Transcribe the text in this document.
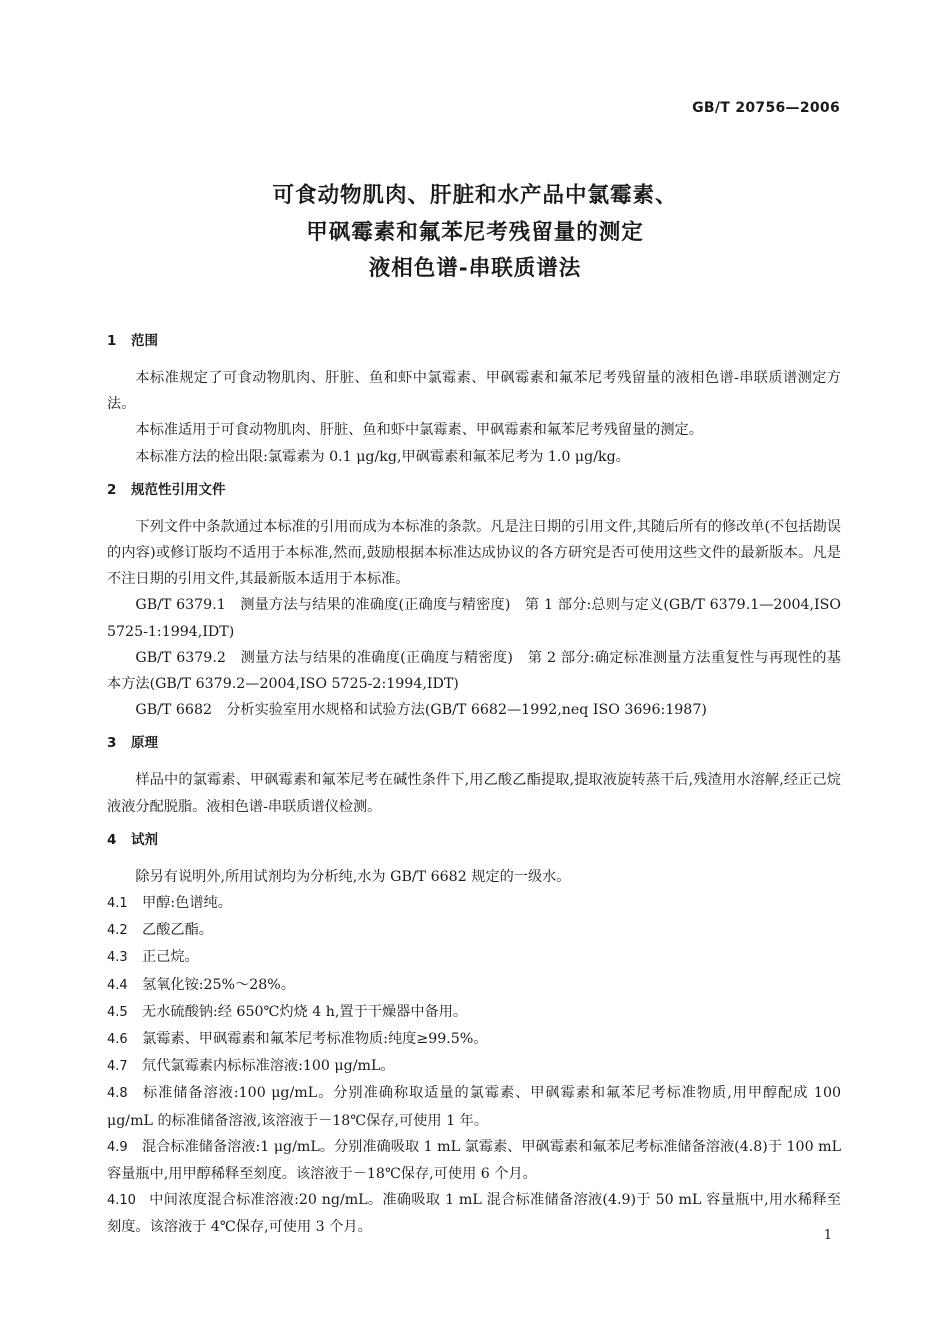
GB/T 20756—2006
可食动物肌肉、肝脏和水产品中氯霉素、
甲砜霉素和氟苯尼考残留量的测定
液相色谱-串联质谱法
1 范围

本标准规定了可食动物肌肉、肝脏、鱼和虾中氯霉素、甲砜霉素和氟苯尼考残留量的液相色谱-串联质谱测定方法。

本标准适用于可食动物肌肉、肝脏、鱼和虾中氯霉素、甲砜霉素和氟苯尼考残留量的测定。

本标准方法的检出限:氯霉素为 0.1 μg/kg,甲砜霉素和氟苯尼考为 1.0 μg/kg。

2 规范性引用文件

下列文件中条款通过本标准的引用而成为本标准的条款。凡是注日期的引用文件,其随后所有的修改单(不包括勘误的内容)或修订版均不适用于本标准,然而,鼓励根据本标准达成协议的各方研究是否可使用这些文件的最新版本。凡是不注日期的引用文件,其最新版本适用于本标准。

GB/T 6379.1　测量方法与结果的准确度(正确度与精密度)　第 1 部分:总则与定义(GB/T 6379.1—2004,ISO 5725-1:1994,IDT)

GB/T 6379.2　测量方法与结果的准确度(正确度与精密度)　第 2 部分:确定标准测量方法重复性与再现性的基本方法(GB/T 6379.2—2004,ISO 5725-2:1994,IDT)

GB/T 6682　分析实验室用水规格和试验方法(GB/T 6682—1992,neq ISO 3696:1987)

3 原理

样品中的氯霉素、甲砜霉素和氟苯尼考在碱性条件下,用乙酸乙酯提取,提取液旋转蒸干后,残渣用水溶解,经正己烷液液分配脱脂。液相色谱-串联质谱仪检测。

4 试剂

除另有说明外,所用试剂均为分析纯,水为 GB/T 6682 规定的一级水。

4.1 甲醇:色谱纯。

4.2 乙酸乙酯。

4.3 正己烷。

4.4 氢氧化铵:25%～28%。

4.5 无水硫酸钠:经 650℃灼烧 4 h,置于干燥器中备用。

4.6 氯霉素、甲砜霉素和氟苯尼考标准物质:纯度≥99.5%。

4.7 氘代氯霉素内标标准溶液:100 μg/mL。

4.8 标准储备溶液:100 μg/mL。分别准确称取适量的氯霉素、甲砜霉素和氟苯尼考标准物质,用甲醇配成 100 μg/mL 的标准储备溶液,该溶液于－18℃保存,可使用 1 年。

4.9 混合标准储备溶液:1 μg/mL。分别准确吸取 1 mL 氯霉素、甲砜霉素和氟苯尼考标准储备溶液(4.8)于 100 mL 容量瓶中,用甲醇稀释至刻度。该溶液于－18℃保存,可使用 6 个月。

4.10 中间浓度混合标准溶液:20 ng/mL。准确吸取 1 mL 混合标准储备溶液(4.9)于 50 mL 容量瓶中,用水稀释至刻度。该溶液于 4℃保存,可使用 3 个月。

1
